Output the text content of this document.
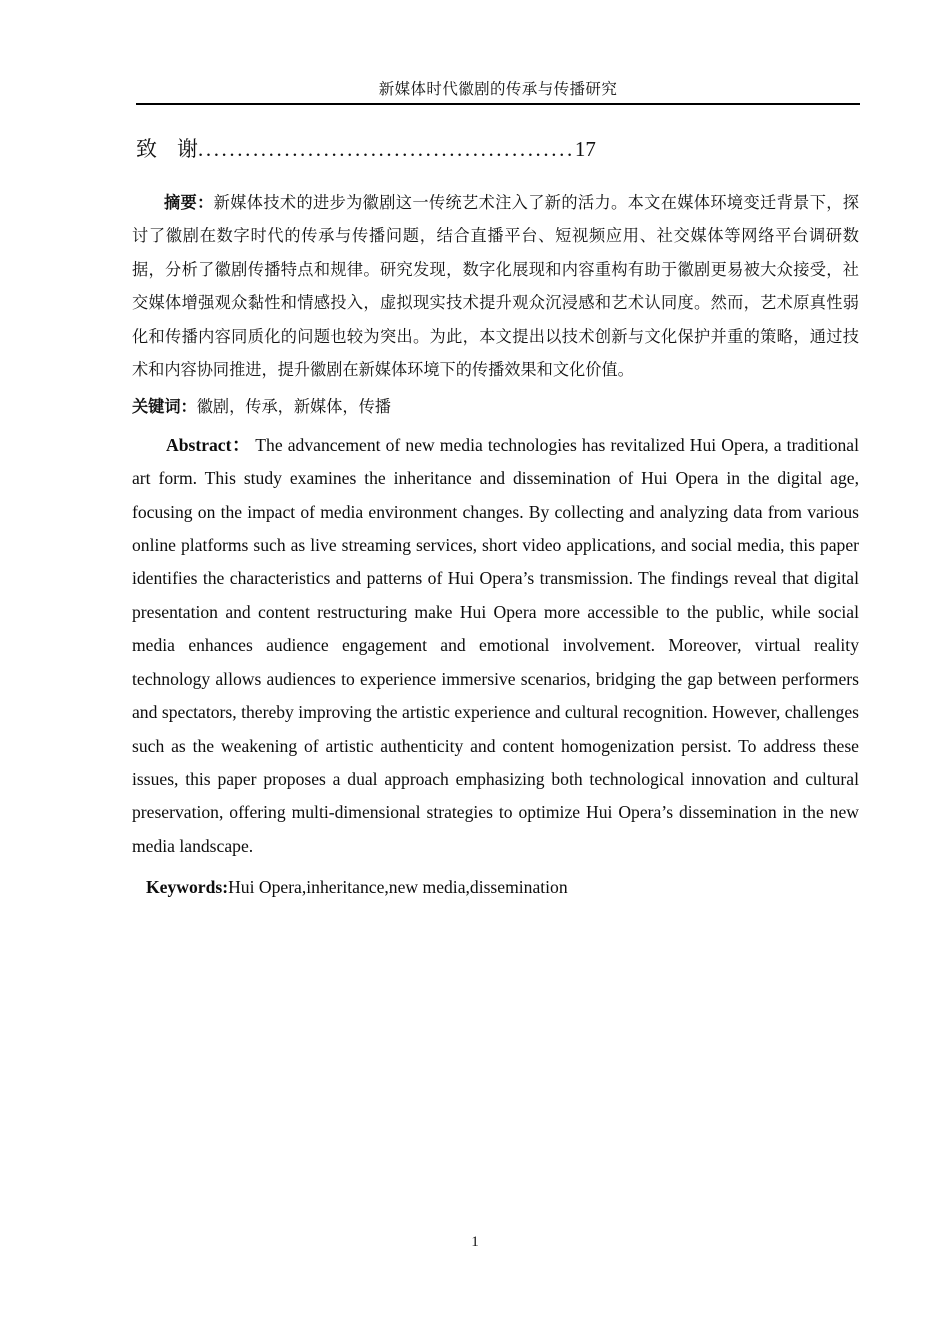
新媒体时代徽剧的传承与传播研究
致 谢................................................17

摘要：新媒体技术的进步为徽剧这一传统艺术注入了新的活力。本文在媒体环境变迁背景下，探讨了徽剧在数字时代的传承与传播问题，结合直播平台、短视频应用、社交媒体等网络平台调研数据，分析了徽剧传播特点和规律。研究发现，数字化展现和内容重构有助于徽剧更易被大众接受，社交媒体增强观众黏性和情感投入，虚拟现实技术提升观众沉浸感和艺术认同度。然而，艺术原真性弱化和传播内容同质化的问题也较为突出。为此，本文提出以技术创新与文化保护并重的策略，通过技术和内容协同推进，提升徽剧在新媒体环境下的传播效果和文化价值。

关键词：徽剧，传承，新媒体，传播

Abstract： The advancement of new media technologies has revitalized Hui Opera, a traditional art form. This study examines the inheritance and dissemination of Hui Opera in the digital age, focusing on the impact of media environment changes. By collecting and analyzing data from various online platforms such as live streaming services, short video applications, and social media, this paper identifies the characteristics and patterns of Hui Opera’s transmission. The findings reveal that digital presentation and content restructuring make Hui Opera more accessible to the public, while social media enhances audience engagement and emotional involvement. Moreover, virtual reality technology allows audiences to experience immersive scenarios, bridging the gap between performers and spectators, thereby improving the artistic experience and cultural recognition. However, challenges such as the weakening of artistic authenticity and content homogenization persist. To address these issues, this paper proposes a dual approach emphasizing both technological innovation and cultural preservation, offering multi-dimensional strategies to optimize Hui Opera’s dissemination in the new media landscape.

Keywords:Hui Opera,inheritance,new media,dissemination

1
